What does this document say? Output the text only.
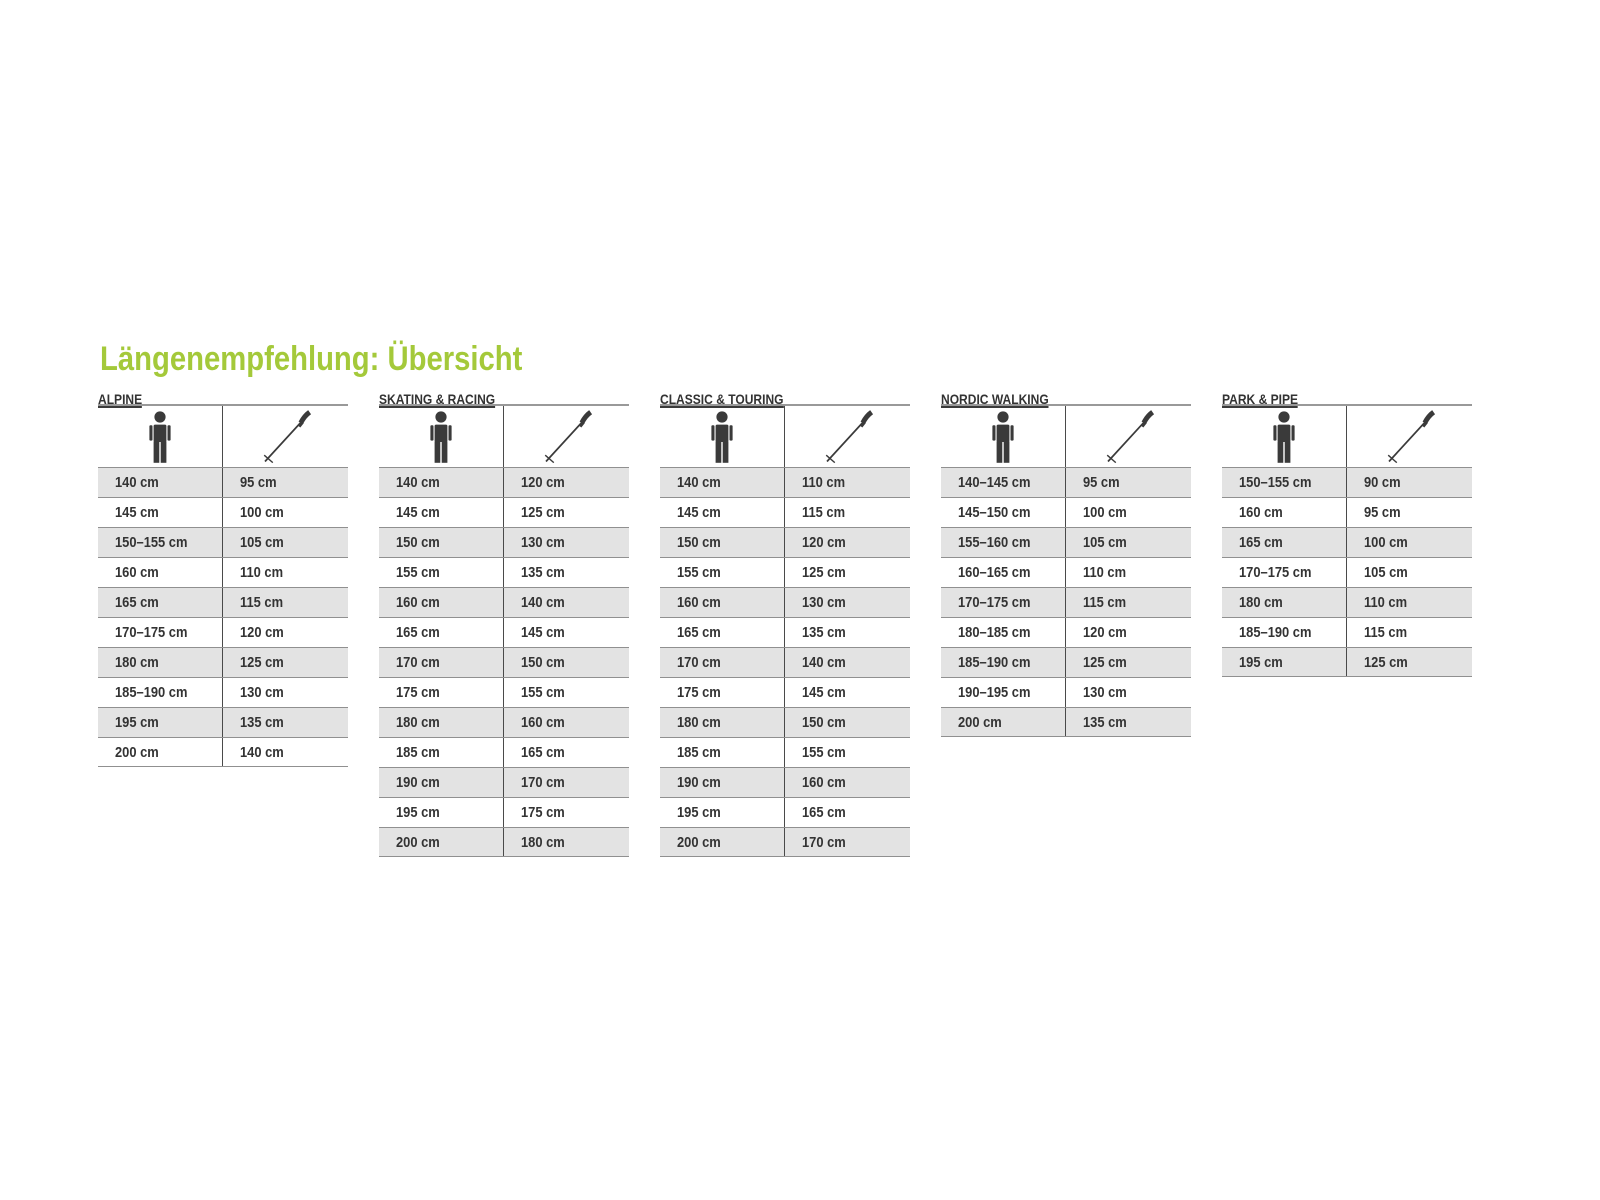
Längenempfehlung: Übersicht
ALPINE
140 cm	95 cm
145 cm	100 cm
150–155 cm	105 cm
160 cm	110 cm
165 cm	115 cm
170–175 cm	120 cm
180 cm	125 cm
185–190 cm	130 cm
195 cm	135 cm
200 cm	140 cm
SKATING & RACING
140 cm	120 cm
145 cm	125 cm
150 cm	130 cm
155 cm	135 cm
160 cm	140 cm
165 cm	145 cm
170 cm	150 cm
175 cm	155 cm
180 cm	160 cm
185 cm	165 cm
190 cm	170 cm
195 cm	175 cm
200 cm	180 cm
CLASSIC & TOURING
140 cm	110 cm
145 cm	115 cm
150 cm	120 cm
155 cm	125 cm
160 cm	130 cm
165 cm	135 cm
170 cm	140 cm
175 cm	145 cm
180 cm	150 cm
185 cm	155 cm
190 cm	160 cm
195 cm	165 cm
200 cm	170 cm
NORDIC WALKING
140–145 cm	95 cm
145–150 cm	100 cm
155–160 cm	105 cm
160–165 cm	110 cm
170–175 cm	115 cm
180–185 cm	120 cm
185–190 cm	125 cm
190–195 cm	130 cm
200 cm	135 cm
PARK & PIPE
150–155 cm	90 cm
160 cm	95 cm
165 cm	100 cm
170–175 cm	105 cm
180 cm	110 cm
185–190 cm	115 cm
195 cm	125 cm
